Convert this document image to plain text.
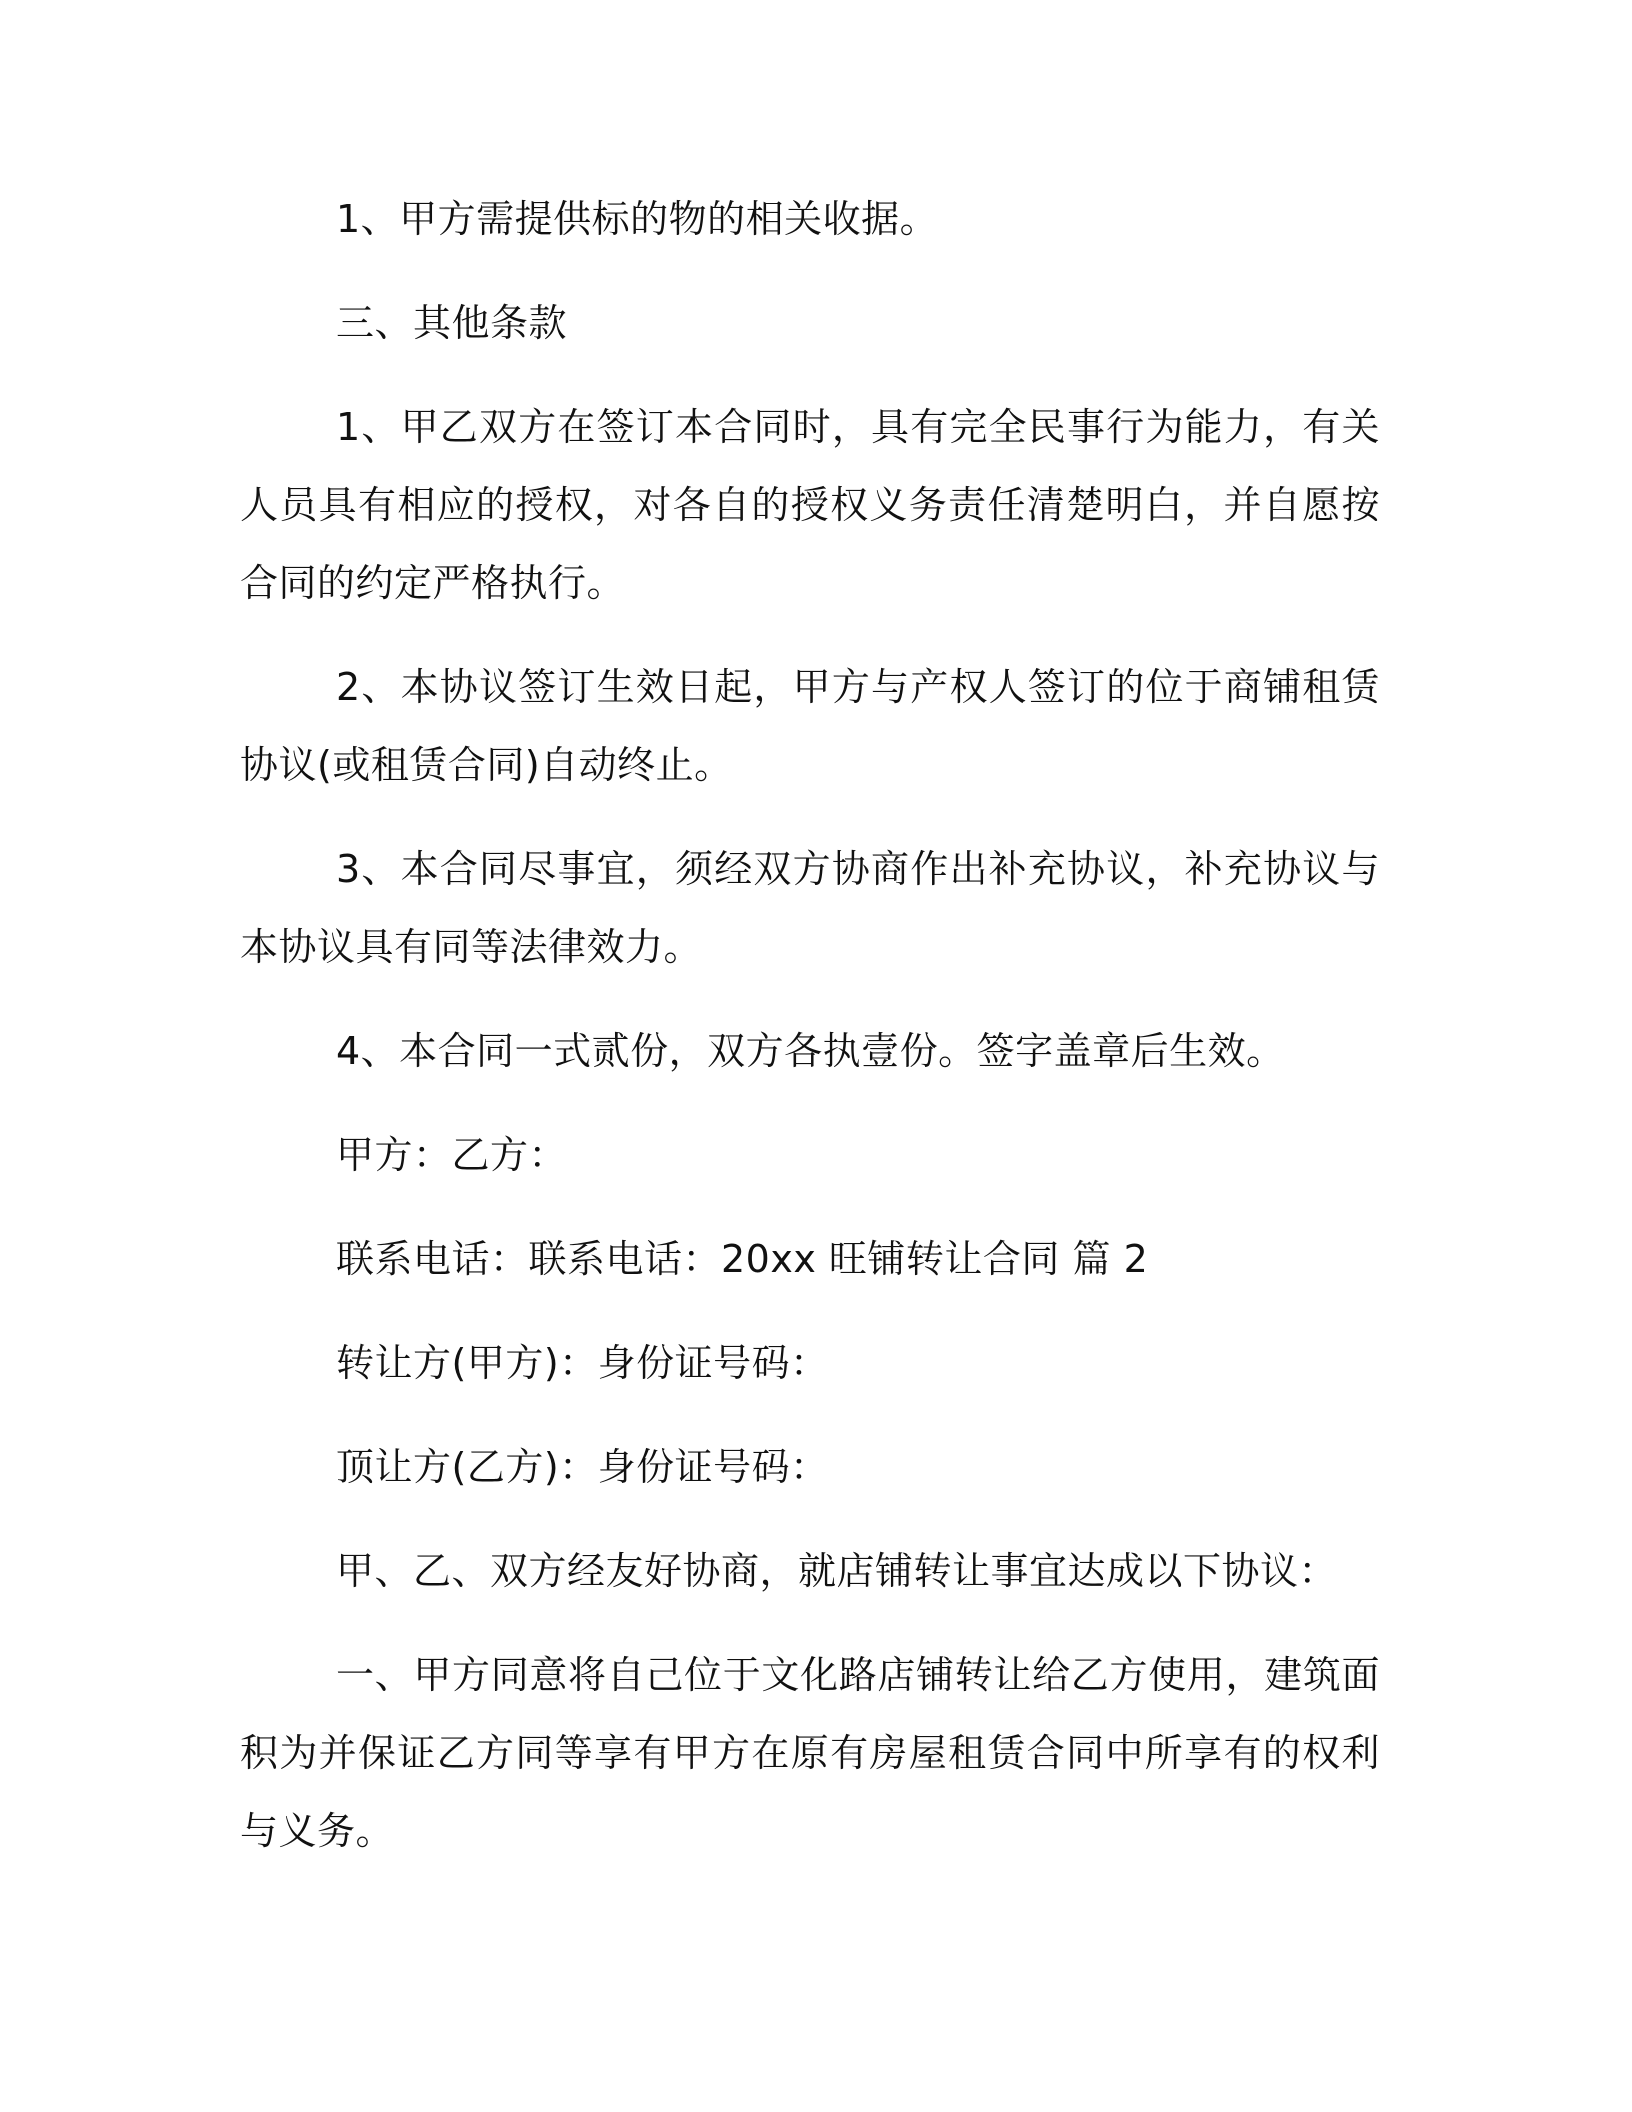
1、甲方需提供标的物的相关收据。

三、其他条款

1、甲乙双方在签订本合同时，具有完全民事行为能力，有关人员具有相应的授权，对各自的授权义务责任清楚明白，并自愿按合同的约定严格执行。

2、本协议签订生效日起，甲方与产权人签订的位于商铺租赁协议(或租赁合同)自动终止。

3、本合同尽事宜，须经双方协商作出补充协议，补充协议与本协议具有同等法律效力。

4、本合同一式贰份，双方各执壹份。签字盖章后生效。

甲方：乙方：

联系电话：联系电话：20xx 旺铺转让合同 篇 2

转让方(甲方)：身份证号码：

顶让方(乙方)：身份证号码：

甲、乙、双方经友好协商，就店铺转让事宜达成以下协议：

一、甲方同意将自己位于文化路店铺转让给乙方使用，建筑面积为并保证乙方同等享有甲方在原有房屋租赁合同中所享有的权利与义务。
